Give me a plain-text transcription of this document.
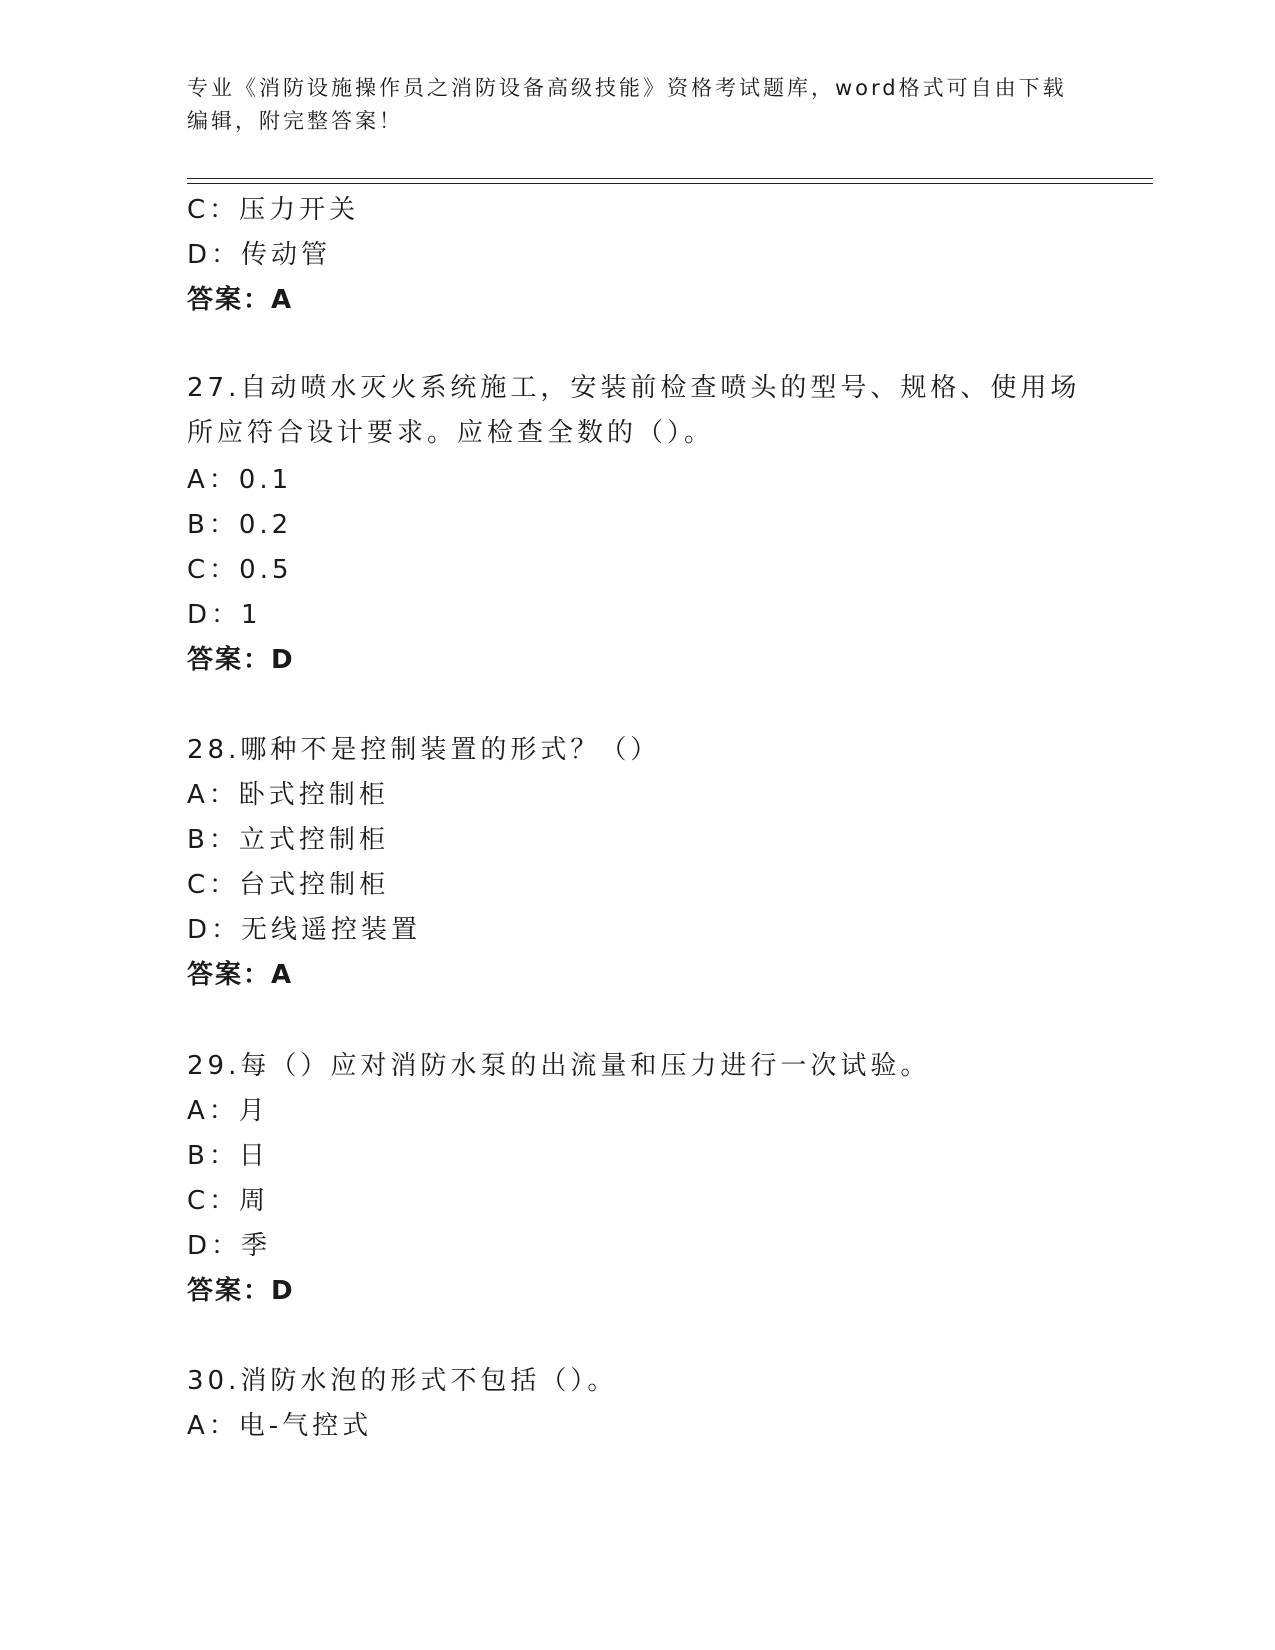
专业《消防设施操作员之消防设备高级技能》资格考试题库，word格式可自由下载编辑，附完整答案！
C：压力开关
D：传动管
答案：A
27.自动喷水灭火系统施工，安装前检查喷头的型号、规格、使用场所应符合设计要求。应检查全数的（）。
A：0.1
B：0.2
C：0.5
D：1
答案：D
28.哪种不是控制装置的形式？（）
A：卧式控制柜
B：立式控制柜
C：台式控制柜
D：无线遥控装置
答案：A
29.每（）应对消防水泵的出流量和压力进行一次试验。
A：月
B：日
C：周
D：季
答案：D
30.消防水泡的形式不包括（）。
A：电-气控式
